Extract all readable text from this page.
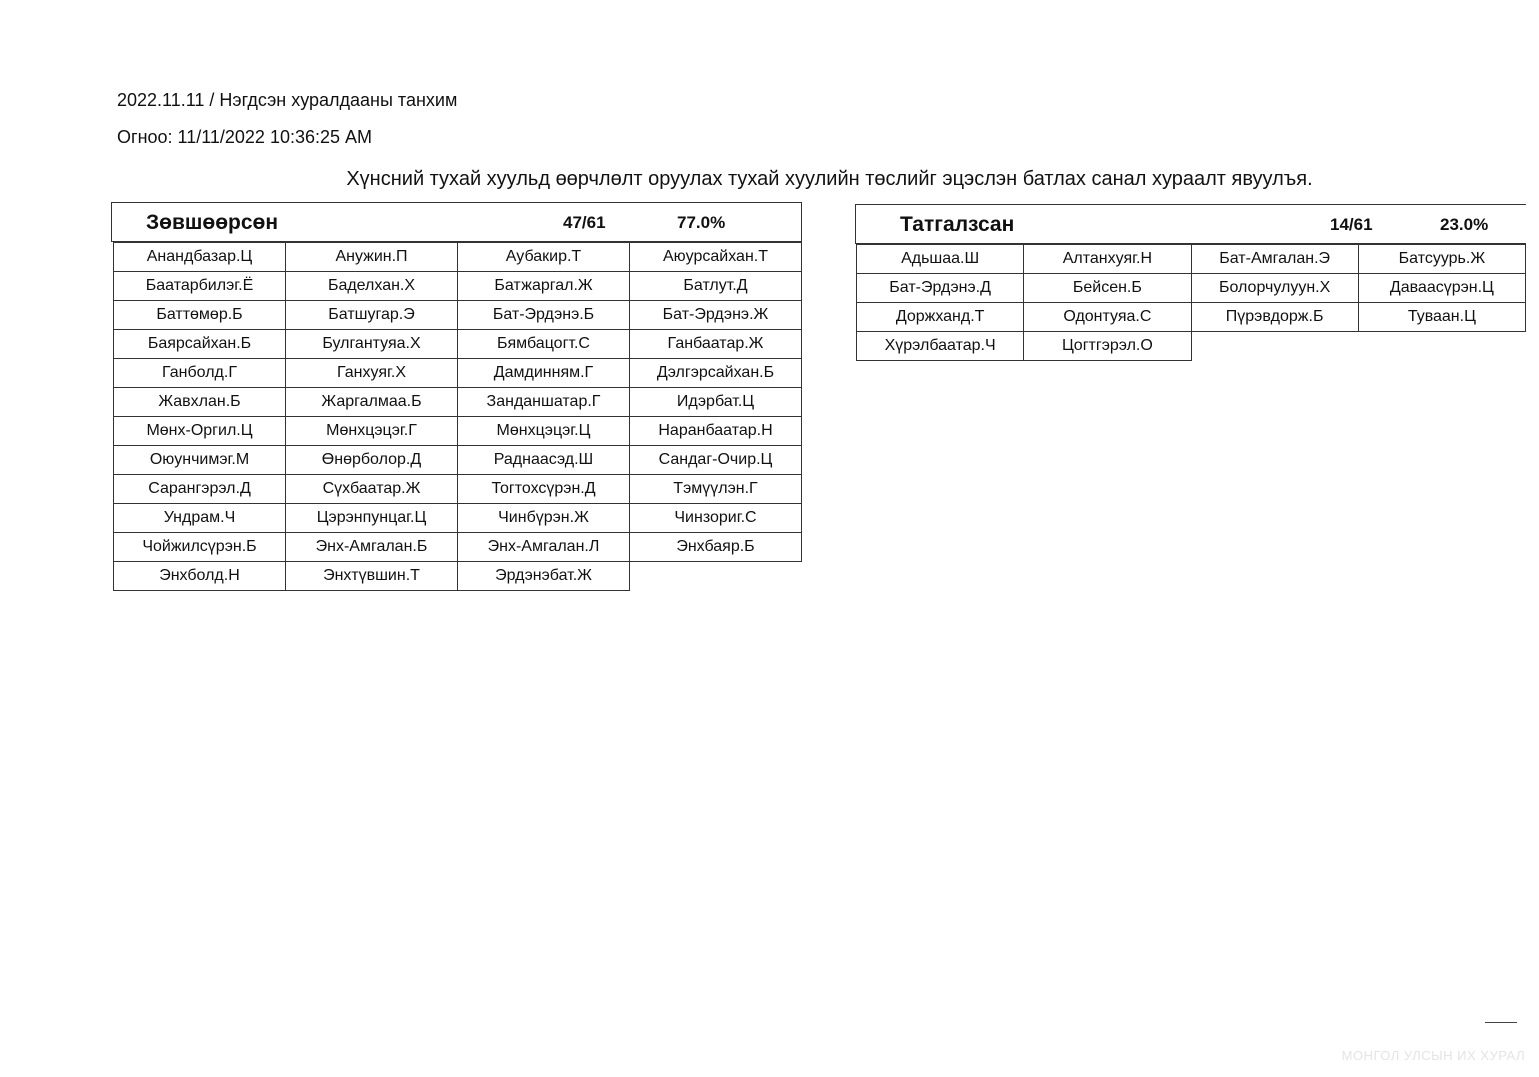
2022.11.11 / Нэгдсэн хуралдааны танхим
Огноо: 11/11/2022 10:36:25 AM
Хүнсний тухай хуульд өөрчлөлт оруулах тухай хуулийн төслийг эцэслэн батлах санал хураалт явуулъя.
Зөвшөөрсөн	47/61	77.0%
Анандбазар.Ц	Анужин.П	Аубакир.Т	Аюурсайхан.Т
Баатарбилэг.Ё	Баделхан.Х	Батжаргал.Ж	Батлут.Д
Баттөмөр.Б	Батшугар.Э	Бат-Эрдэнэ.Б	Бат-Эрдэнэ.Ж
Баярсайхан.Б	Булгантуяа.Х	Бямбацогт.С	Ганбаатар.Ж
Ганболд.Г	Ганхуяг.Х	Дамдинням.Г	Дэлгэрсайхан.Б
Жавхлан.Б	Жаргалмаа.Б	Занданшатар.Г	Идэрбат.Ц
Мөнх-Оргил.Ц	Мөнхцэцэг.Г	Мөнхцэцэг.Ц	Наранбаатар.Н
Оюунчимэг.М	Өнөрболор.Д	Раднаасэд.Ш	Сандаг-Очир.Ц
Сарангэрэл.Д	Сүхбаатар.Ж	Тогтохсүрэн.Д	Тэмүүлэн.Г
Ундрам.Ч	Цэрэнпунцаг.Ц	Чинбүрэн.Ж	Чинзориг.С
Чойжилсүрэн.Б	Энх-Амгалан.Б	Энх-Амгалан.Л	Энхбаяр.Б
Энхболд.Н	Энхтүвшин.Т	Эрдэнэбат.Ж	
Татгалзсан	14/61	23.0%
Адьшаа.Ш	Алтанхуяг.Н	Бат-Амгалан.Э	Батсуурь.Ж
Бат-Эрдэнэ.Д	Бейсен.Б	Болорчулуун.Х	Даваасүрэн.Ц
Доржханд.Т	Одонтуяа.С	Пүрэвдорж.Б	Туваан.Ц
Хүрэлбаатар.Ч	Цогтгэрэл.О		
МОНГОЛ УЛСЫН ИХ ХУРАЛ
